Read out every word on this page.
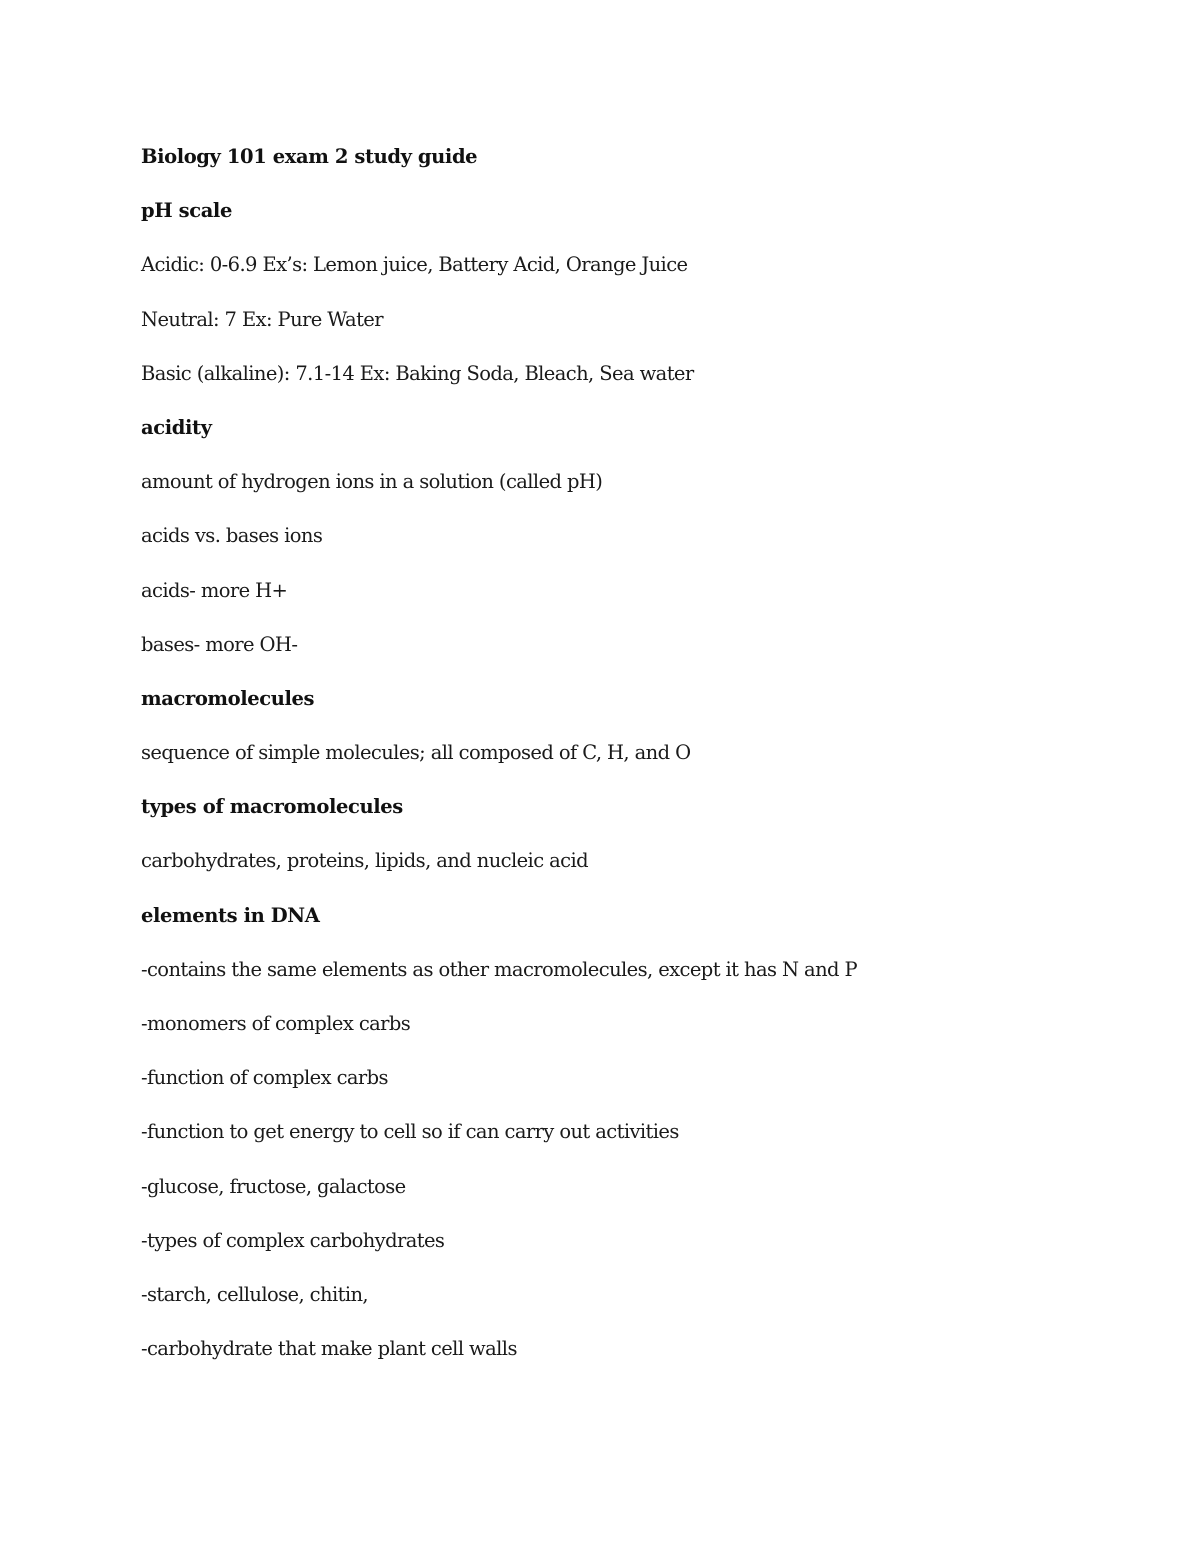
Biology 101 exam 2 study guide

pH scale

Acidic: 0-6.9 Ex’s: Lemon juice, Battery Acid, Orange Juice

Neutral: 7 Ex: Pure Water

Basic (alkaline): 7.1-14 Ex: Baking Soda, Bleach, Sea water

acidity

amount of hydrogen ions in a solution (called pH)

acids vs. bases ions

acids- more H+

bases- more OH-

macromolecules

sequence of simple molecules; all composed of C, H, and O

types of macromolecules

carbohydrates, proteins, lipids, and nucleic acid

elements in DNA

-contains the same elements as other macromolecules, except it has N and P

-monomers of complex carbs

-function of complex carbs

-function to get energy to cell so if can carry out activities

-glucose, fructose, galactose

-types of complex carbohydrates

-starch, cellulose, chitin,

-carbohydrate that make plant cell walls
